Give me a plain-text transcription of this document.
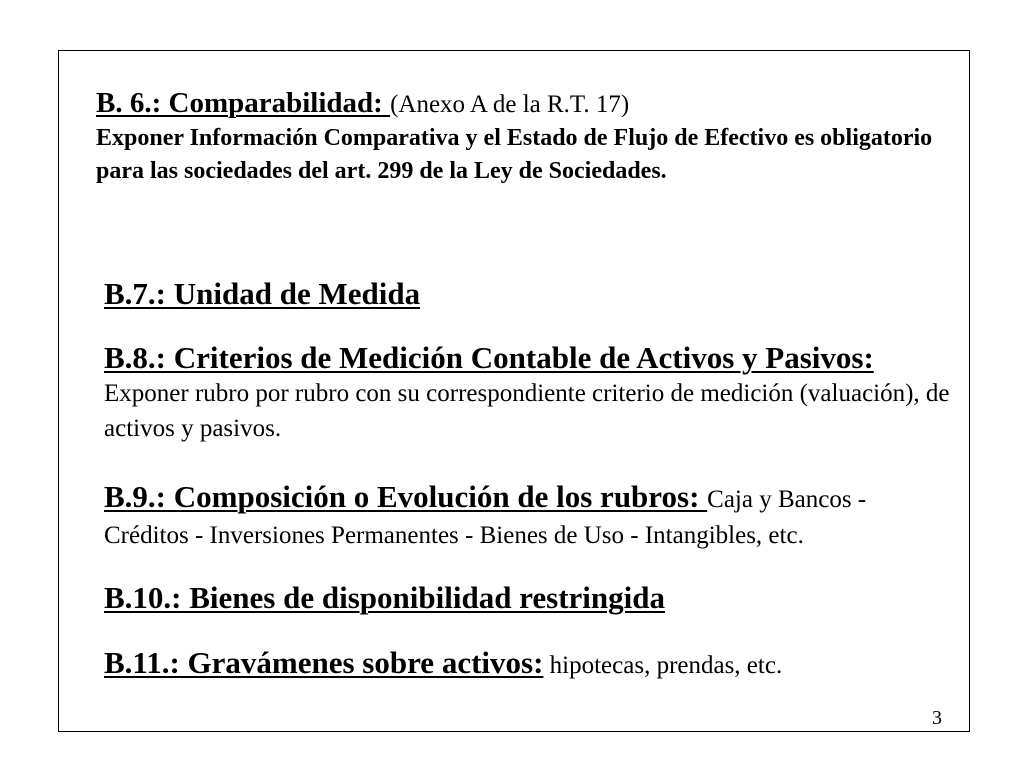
B. 6.: Comparabilidad: (Anexo A de la R.T. 17)
Exponer Información Comparativa y el Estado de Flujo de Efectivo es obligatorio para las sociedades del art. 299 de la Ley de Sociedades.
B.7.: Unidad de Medida
B.8.: Criterios de Medición Contable de Activos y Pasivos:
Exponer rubro por rubro con su correspondiente criterio de medición (valuación), de activos y pasivos.
B.9.: Composición o Evolución de los rubros: Caja y Bancos -
Créditos - Inversiones Permanentes - Bienes de Uso - Intangibles, etc.
B.10.: Bienes de disponibilidad restringida
B.11.: Gravámenes sobre activos: hipotecas, prendas, etc.
3
